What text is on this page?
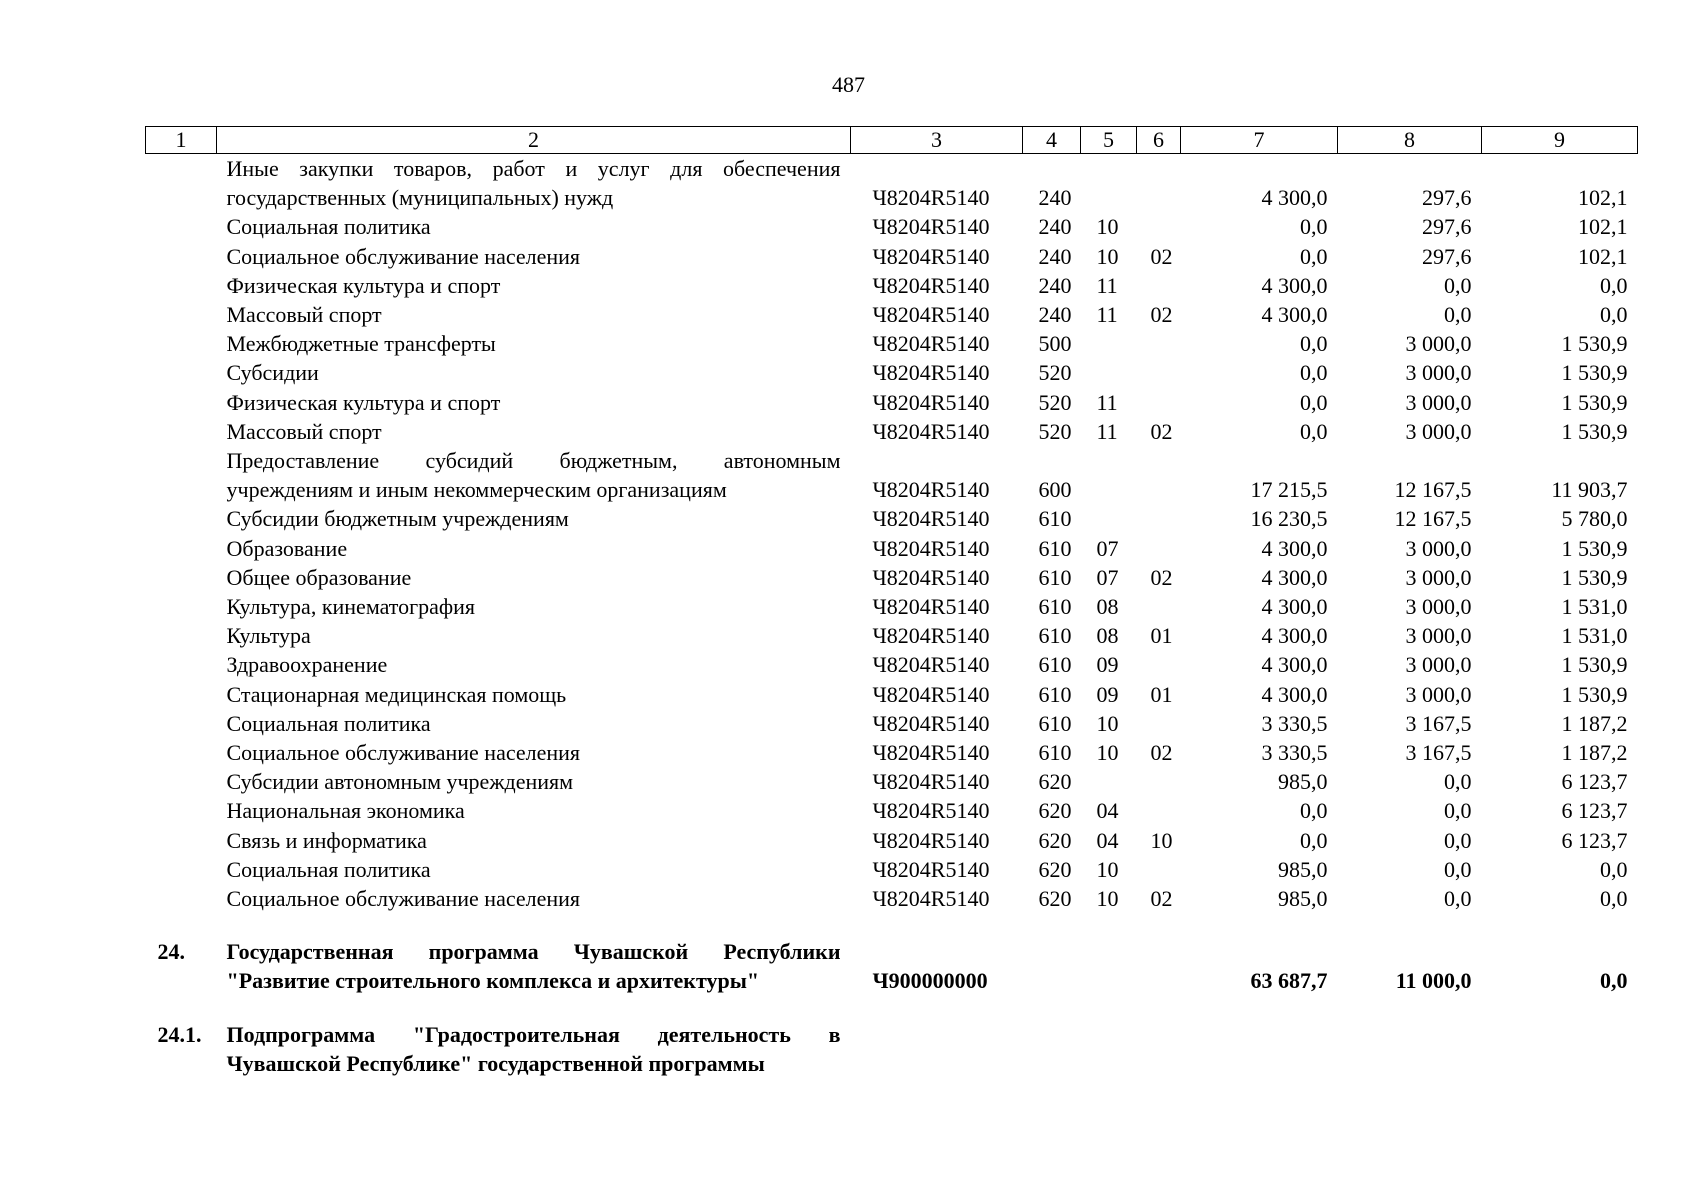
487
1	2	3	4	5	6	7	8	9
	Иные закупки товаров, работ и услуг для обеспечения государственных (муниципальных) нужд	Ч8204R5140	240			4 300,0	297,6	102,1
	Социальная политика	Ч8204R5140	240	10		0,0	297,6	102,1
	Социальное обслуживание населения	Ч8204R5140	240	10	02	0,0	297,6	102,1
	Физическая культура и спорт	Ч8204R5140	240	11		4 300,0	0,0	0,0
	Массовый спорт	Ч8204R5140	240	11	02	4 300,0	0,0	0,0
	Межбюджетные трансферты	Ч8204R5140	500			0,0	3 000,0	1 530,9
	Субсидии	Ч8204R5140	520			0,0	3 000,0	1 530,9
	Физическая культура и спорт	Ч8204R5140	520	11		0,0	3 000,0	1 530,9
	Массовый спорт	Ч8204R5140	520	11	02	0,0	3 000,0	1 530,9
	Предоставление субсидий бюджетным, автономным учреждениям и иным некоммерческим организациям	Ч8204R5140	600			17 215,5	12 167,5	11 903,7
	Субсидии бюджетным учреждениям	Ч8204R5140	610			16 230,5	12 167,5	5 780,0
	Образование	Ч8204R5140	610	07		4 300,0	3 000,0	1 530,9
	Общее образование	Ч8204R5140	610	07	02	4 300,0	3 000,0	1 530,9
	Культура, кинематография	Ч8204R5140	610	08		4 300,0	3 000,0	1 531,0
	Культура	Ч8204R5140	610	08	01	4 300,0	3 000,0	1 531,0
	Здравоохранение	Ч8204R5140	610	09		4 300,0	3 000,0	1 530,9
	Стационарная медицинская помощь	Ч8204R5140	610	09	01	4 300,0	3 000,0	1 530,9
	Социальная политика	Ч8204R5140	610	10		3 330,5	3 167,5	1 187,2
	Социальное обслуживание населения	Ч8204R5140	610	10	02	3 330,5	3 167,5	1 187,2
	Субсидии автономным учреждениям	Ч8204R5140	620			985,0	0,0	6 123,7
	Национальная экономика	Ч8204R5140	620	04		0,0	0,0	6 123,7
	Связь и информатика	Ч8204R5140	620	04	10	0,0	0,0	6 123,7
	Социальная политика	Ч8204R5140	620	10		985,0	0,0	0,0
	Социальное обслуживание населения	Ч8204R5140	620	10	02	985,0	0,0	0,0

24.	Государственная программа Чувашской Республики "Развитие строительного комплекса и архитектуры"	Ч900000000				63 687,7	11 000,0	0,0

24.1.	Подпрограмма "Градостроительная деятельность в Чувашской Республике" государственной программы							
